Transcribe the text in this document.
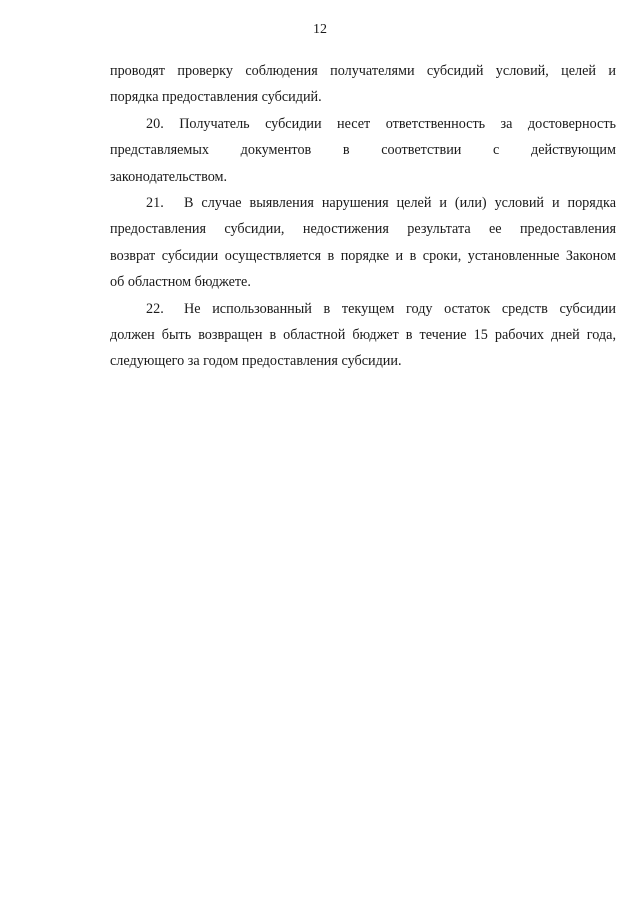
12
проводят проверку соблюдения получателями субсидий условий, целей и
порядка предоставления субсидий.
20. Получатель субсидии несет ответственность за достоверность
представляемых документов в соответствии с действующим
законодательством.
21. В случае выявления нарушения целей и (или) условий и порядка
предоставления субсидии, недостижения результата ее предоставления
возврат субсидии осуществляется в порядке и в сроки, установленные Законом
об областном бюджете.
22. Не использованный в текущем году остаток средств субсидии
должен быть возвращен в областной бюджет в течение 15 рабочих дней года,
следующего за годом предоставления субсидии.
